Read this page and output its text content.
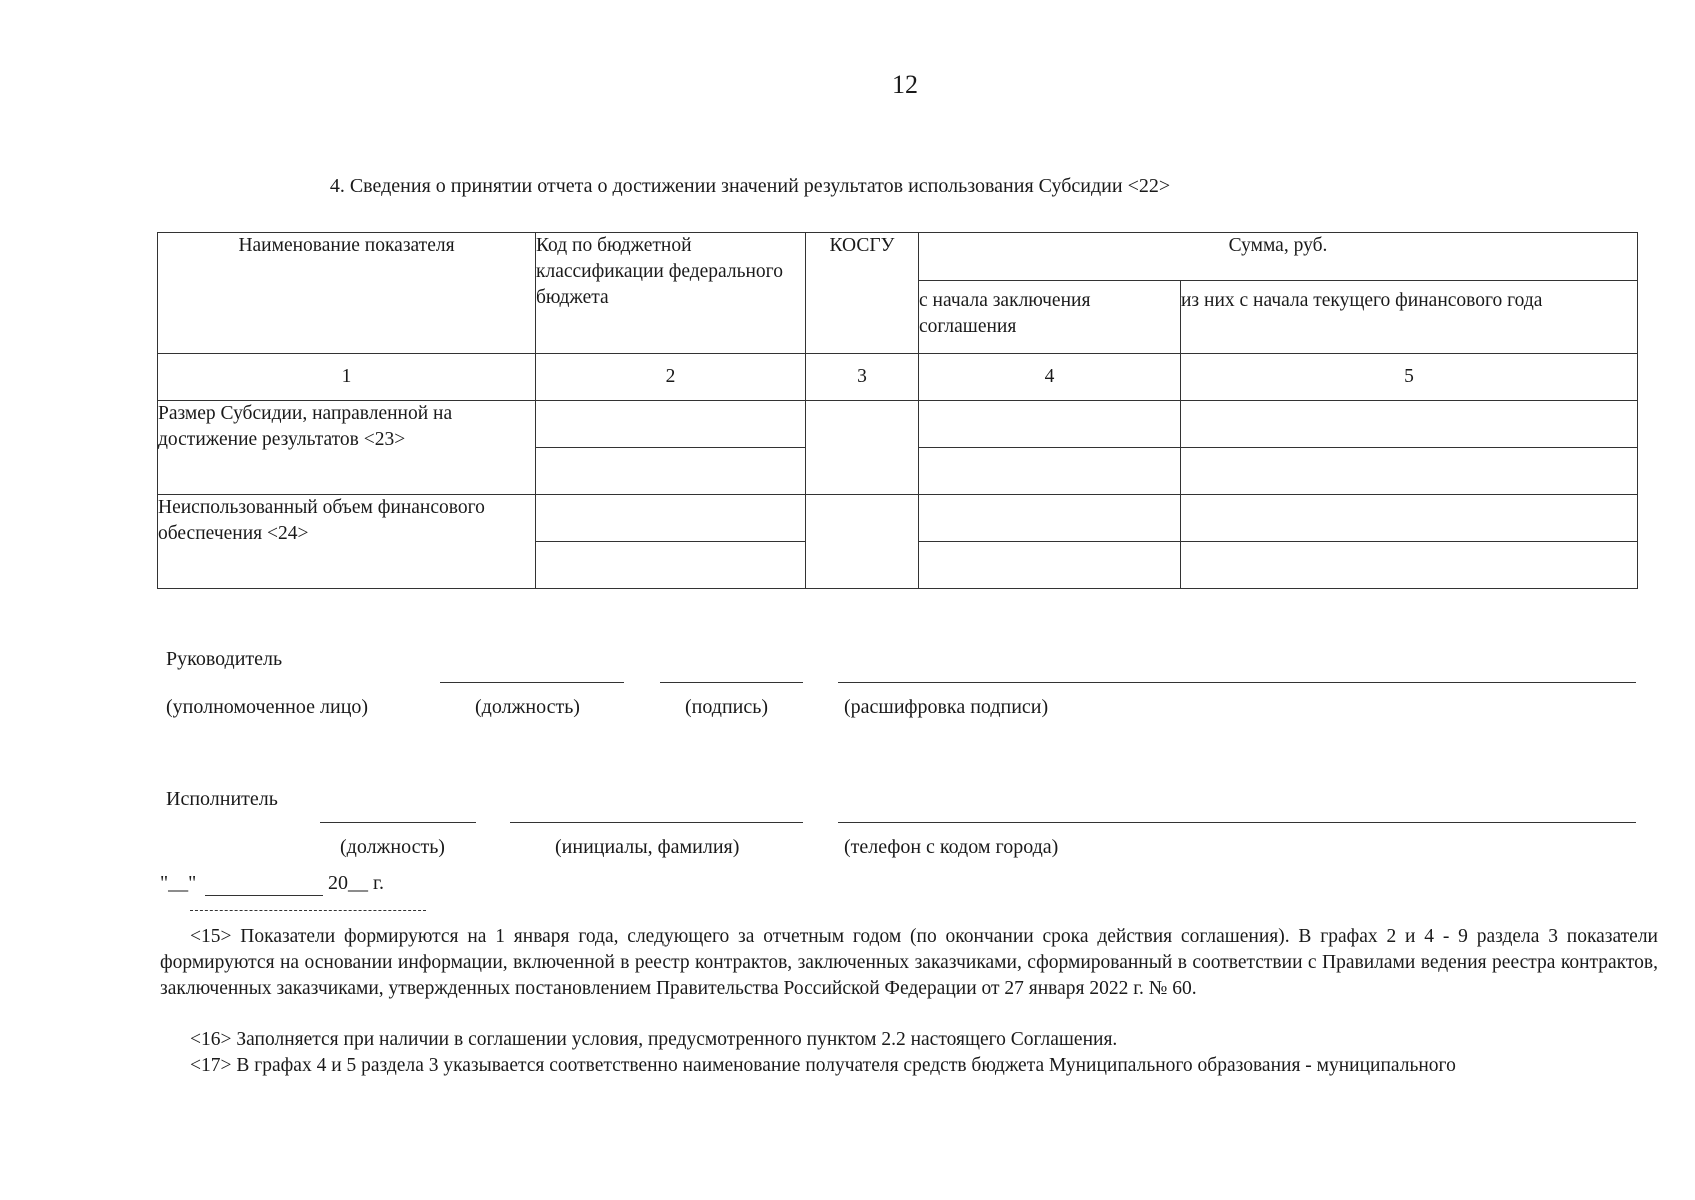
12
4. Сведения о принятии отчета о достижении значений результатов использования Субсидии <22>
Наименование показателя	Код по бюджетной классификации федерального бюджета	КОСГУ	Сумма, руб.	
			с начала заключения соглашения	из них с начала текущего финансового года
1	2	3	4	5
Размер Субсидии, направленной на достижение результатов <23>				

Неиспользованный объем финансового обеспечения <24>				

Руководитель
(уполномоченное лицо)	(должность)	(подпись)	(расшифровка подписи)
Исполнитель
(должность)	(инициалы, фамилия)	(телефон с кодом города)
"__"	20__ г.
<15> Показатели формируются на 1 января года, следующего за отчетным годом (по окончании срока действия соглашения). В графах 2 и 4 - 9 раздела 3 показатели формируются на основании информации, включенной в реестр контрактов, заключенных заказчиками, сформированный в соответствии с Правилами ведения реестра контрактов, заключенных заказчиками, утвержденных постановлением Правительства Российской Федерации от 27 января 2022 г. № 60.
<16> Заполняется при наличии в соглашении условия, предусмотренного пунктом 2.2 настоящего Соглашения.
<17> В графах 4 и 5 раздела 3 указывается соответственно наименование получателя средств бюджета Муниципального образования - муниципального
